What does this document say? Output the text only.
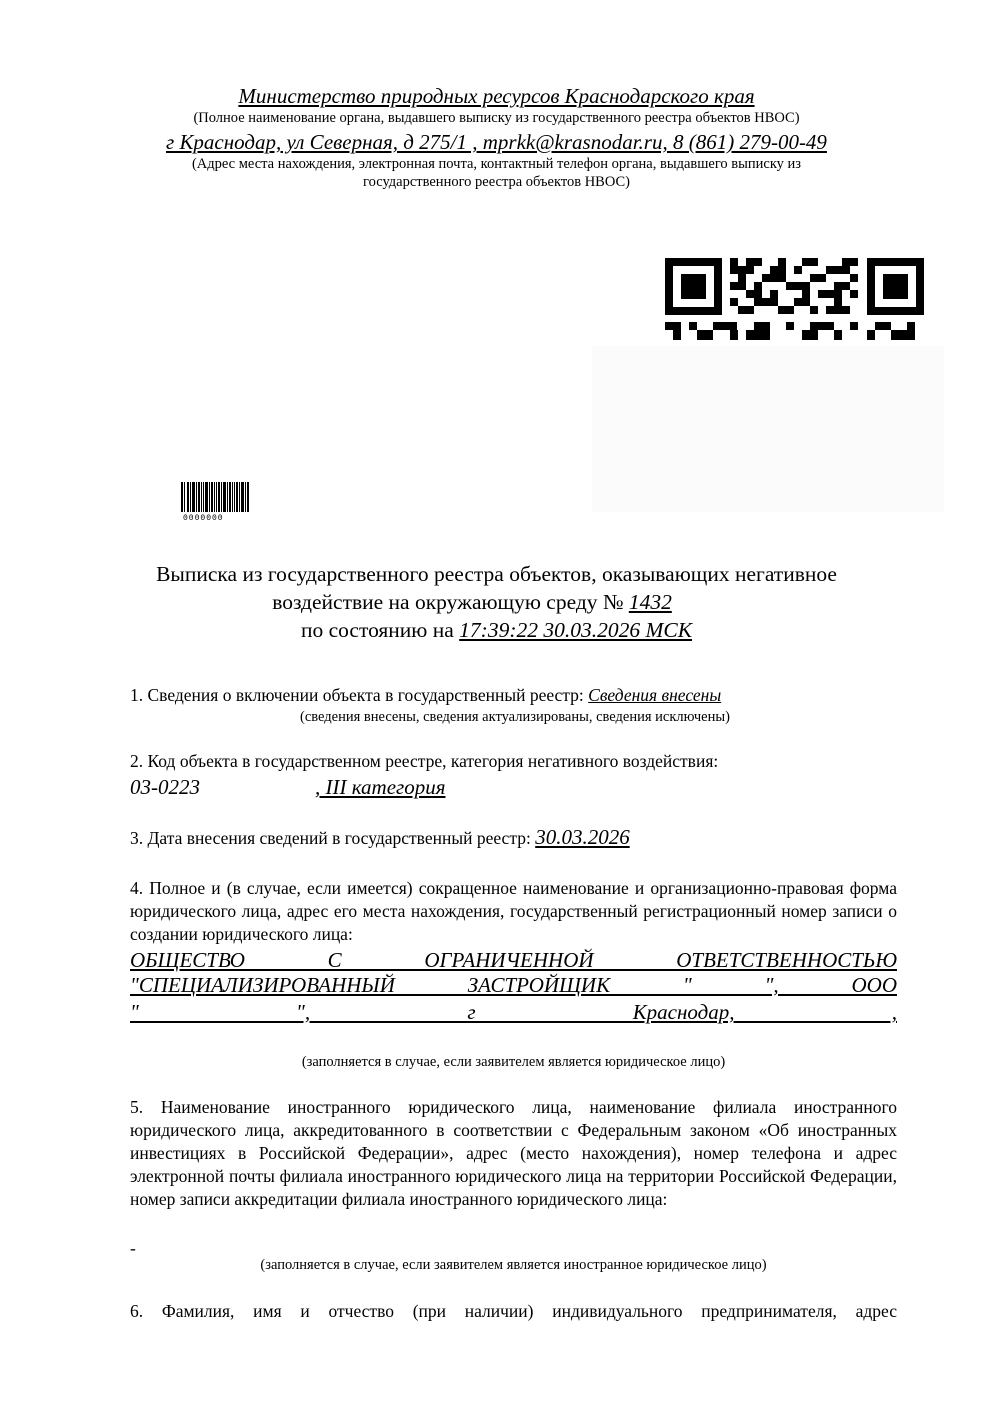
Министерство природных ресурсов Краснодарского края
(Полное наименование органа, выдавшего выписку из государственного реестра объектов НВОС)
г Краснодар, ул Северная, д 275/1 , mprkk@krasnodar.ru, 8 (861) 279-00-49
(Адрес места нахождения, электронная почта, контактный телефон органа, выдавшего выписку из
государственного реестра объектов НВОС)
0000000
Выписка из государственного реестра объектов, оказывающих негативное
воздействие на окружающую среду № 1432
по состоянию на 17:39:22 30.03.2026 МСК
1. Сведения о включении объекта в государственный реестр: Сведения внесены
(сведения внесены, сведения актуализированы, сведения исключены)
2. Код объекта в государственном реестре, категория негативного воздействия:
03-0223	, III категория
3. Дата внесения сведений в государственный реестр: 30.03.2026
4. Полное и (в случае, если имеется) сокращенное наименование и организационно-правовая форма юридического лица, адрес его места нахождения, государственный регистрационный номер записи о создании юридического лица:
ОБЩЕСТВО С ОГРАНИЧЕННОЙ ОТВЕТСТВЕННОСТЬЮ
"СПЕЦИАЛИЗИРОВАННЫЙ ЗАСТРОЙЩИК " ", ООО
" ", г Краснодар, ,
(заполняется в случае, если заявителем является юридическое лицо)
5. Наименование иностранного юридического лица, наименование филиала иностранного юридического лица, аккредитованного в соответствии с Федеральным законом «Об иностранных инвестициях в Российской Федерации», адрес (место нахождения), номер телефона и адрес электронной почты филиала иностранного юридического лица на территории Российской Федерации, номер записи аккредитации филиала иностранного юридического лица:
-
(заполняется в случае, если заявителем является иностранное юридическое лицо)
6. Фамилия, имя и отчество (при наличии) индивидуального предпринимателя, адрес
